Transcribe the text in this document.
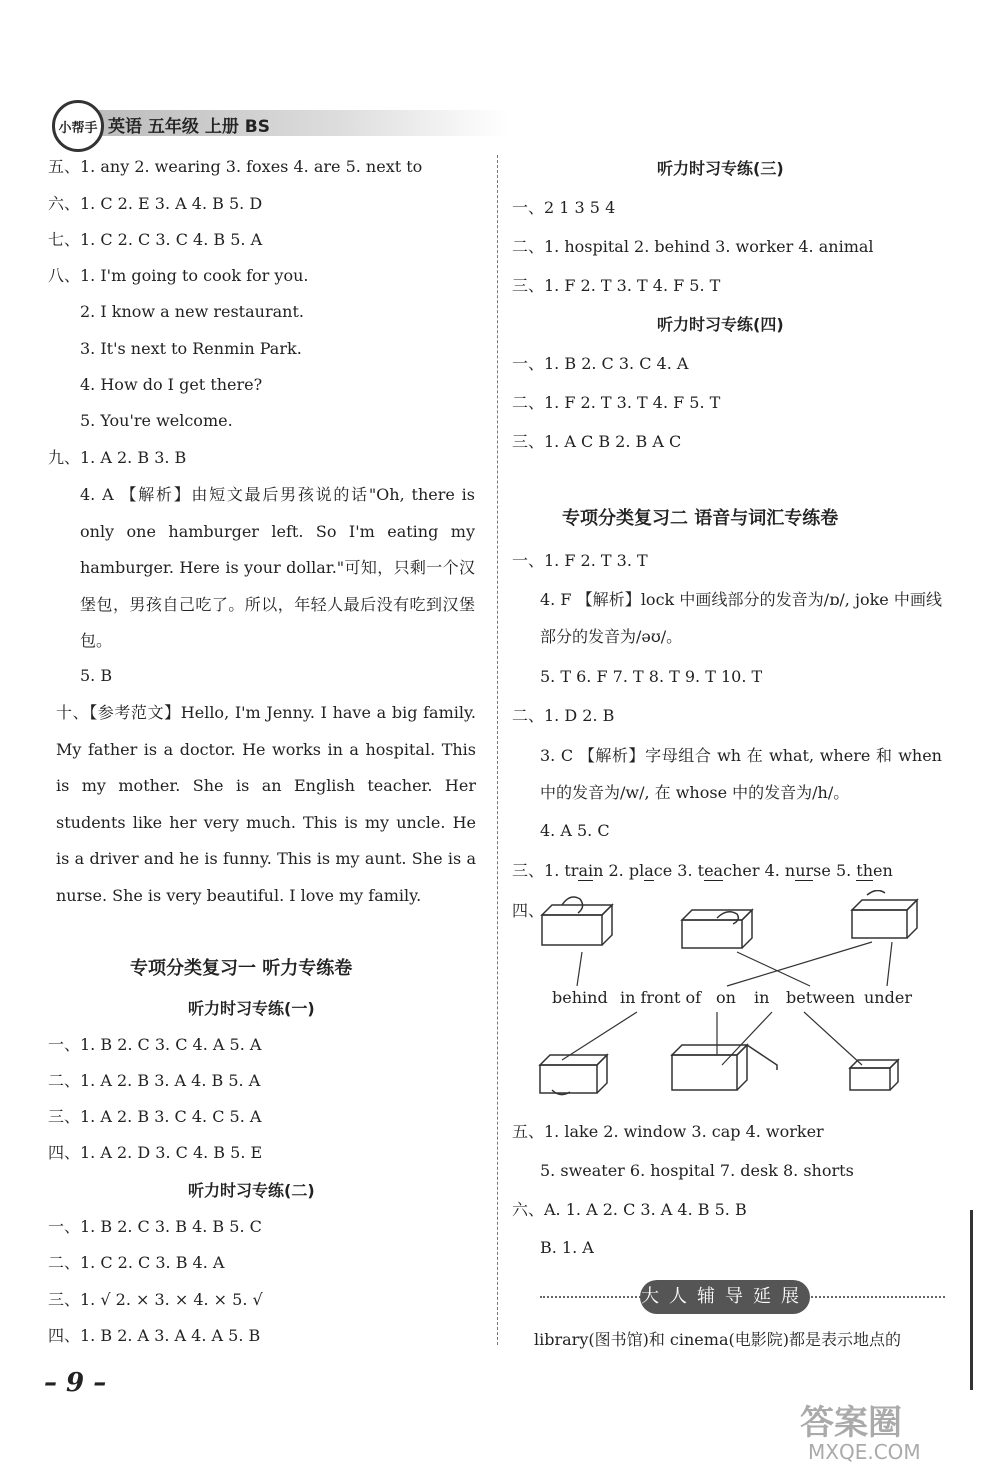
小帮手 英语 五年级 上册 BS
五、1. any 2. wearing 3. foxes 4. are 5. next to
六、1. C 2. E 3. A 4. B 5. D
七、1. C 2. C 3. C 4. B 5. A
八、1. I'm going to cook for you.
2. I know a new restaurant.
3. It's next to Renmin Park.
4. How do I get there?
5. You're welcome.
九、1. A 2. B 3. B
4. A 【解析】由短文最后男孩说的话"Oh, there is only one hamburger left. So I'm eating my hamburger. Here is your dollar."可知，只剩一个汉堡包，男孩自己吃了。所以，年轻人最后没有吃到汉堡包。
5. B
十、【参考范文】Hello, I'm Jenny. I have a big family. My father is a doctor. He works in a hospital. This is my mother. She is an English teacher. Her students like her very much. This is my uncle. He is a driver and he is funny. This is my aunt. She is a nurse. She is very beautiful. I love my family.
专项分类复习一 听力专练卷
听力时习专练(一)
一、1. B 2. C 3. C 4. A 5. A
二、1. A 2. B 3. A 4. B 5. A
三、1. A 2. B 3. C 4. C 5. A
四、1. A 2. D 3. C 4. B 5. E
听力时习专练(二)
一、1. B 2. C 3. B 4. B 5. C
二、1. C 2. C 3. B 4. A
三、1. √ 2. × 3. × 4. × 5. √
四、1. B 2. A 3. A 4. A 5. B
听力时习专练(三)
一、2 1 3 5 4
二、1. hospital 2. behind 3. worker 4. animal
三、1. F 2. T 3. T 4. F 5. T
听力时习专练(四)
一、1. B 2. C 3. C 4. A
二、1. F 2. T 3. T 4. F 5. T
三、1. A C B 2. B A C
专项分类复习二 语音与词汇专练卷
一、1. F 2. T 3. T
4. F 【解析】lock 中画线部分的发音为/ɒ/, joke 中画线部分的发音为/əʊ/。
5. T 6. F 7. T 8. T 9. T 10. T
二、1. D 2. B
3. C 【解析】字母组合 wh 在 what, where 和 when 中的发音为/w/, 在 whose 中的发音为/h/。
4. A 5. C
三、1. train 2. place 3. teacher 4. nurse 5. then
四、
behind in front of on in between under
五、1. lake 2. window 3. cap 4. worker
5. sweater 6. hospital 7. desk 8. shorts
六、A. 1. A 2. C 3. A 4. B 5. B
B. 1. A
library(图书馆)和 cinema(电影院)都是表示地点的
大人辅导延展
– 9 –
答案圈
MXQE.COM
